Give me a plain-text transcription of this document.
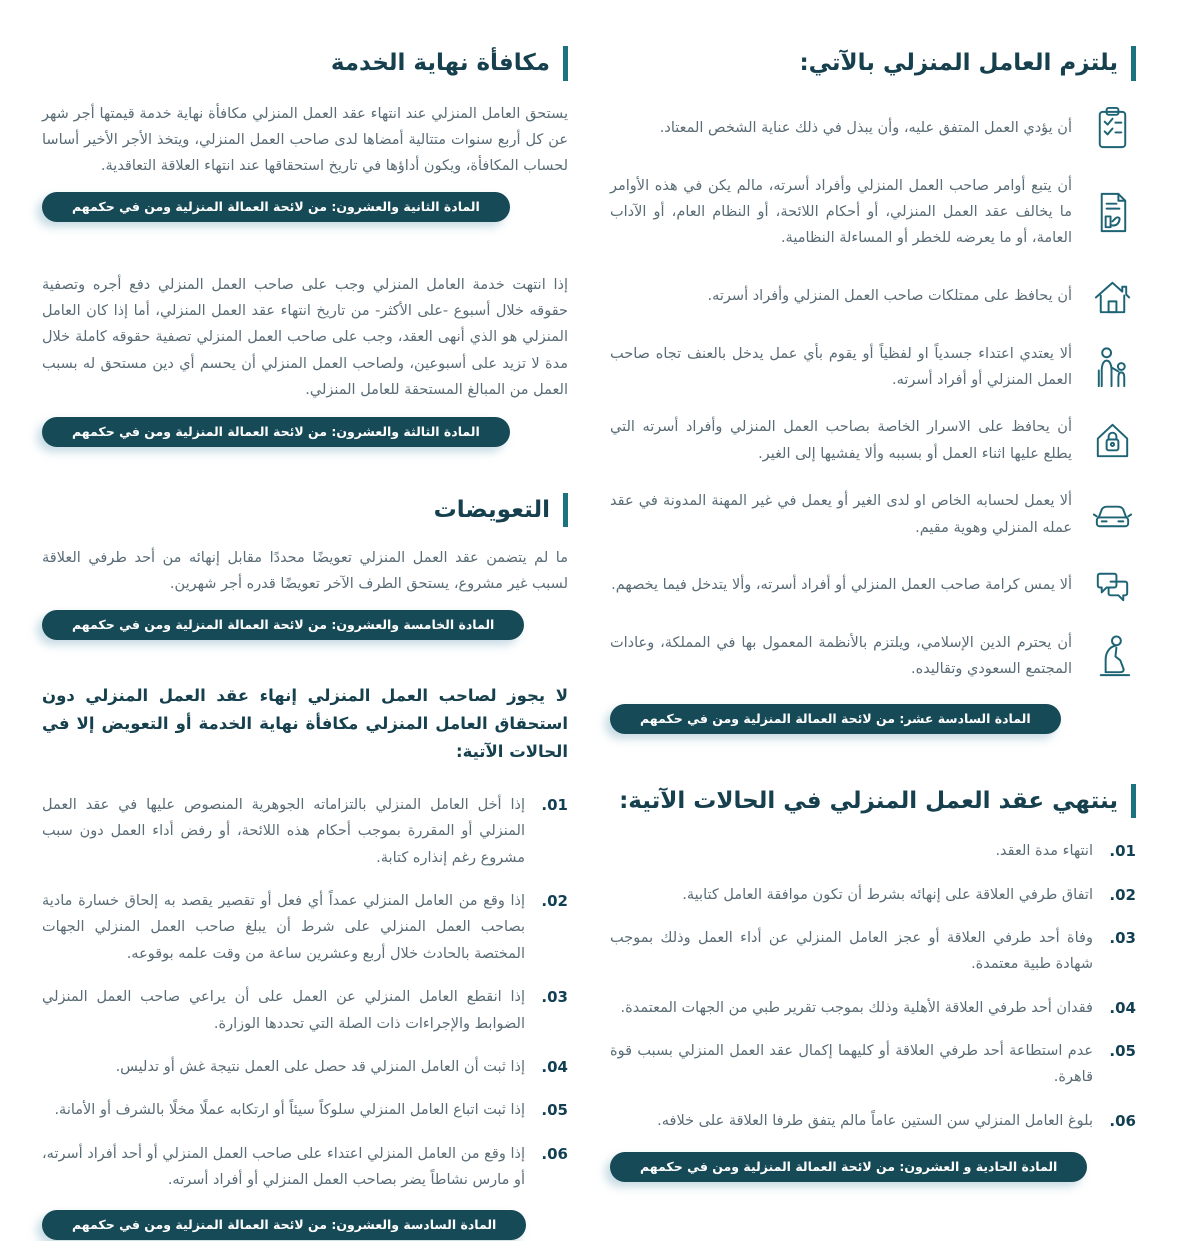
يلتزم العامل المنزلي بالآتي:

أن يؤدي العمل المتفق عليه، وأن يبذل في ذلك عناية الشخص المعتاد.

أن يتبع أوامر صاحب العمل المنزلي وأفراد أسرته، مالم يكن في هذه الأوامر ما يخالف عقد العمل المنزلي، أو أحكام اللائحة، أو النظام العام، أو الآداب العامة، أو ما يعرضه للخطر أو المساءلة النظامية.

أن يحافظ على ممتلكات صاحب العمل المنزلي وأفراد أسرته.

ألا يعتدي اعتداء جسدياً او لفظياً أو يقوم بأي عمل يدخل بالعنف تجاه صاحب العمل المنزلي أو أفراد أسرته.

أن يحافظ على الاسرار الخاصة بصاحب العمل المنزلي وأفراد أسرته التي يطلع عليها اثناء العمل أو بسببه وألا يفشيها إلى الغير.

ألا يعمل لحسابه الخاص او لدى الغير أو يعمل في غير المهنة المدونة في عقد عمله المنزلي وهوية مقيم.

ألا يمس كرامة صاحب العمل المنزلي أو أفراد أسرته، وألا يتدخل فيما يخصهم.

أن يحترم الدين الإسلامي، ويلتزم بالأنظمة المعمول بها في المملكة، وعادات المجتمع السعودي وتقاليده.

المادة السادسة عشر: من لائحة العمالة المنزلية ومن في حكمهم
ينتهي عقد العمل المنزلي في الحالات الآتية:
01.

انتهاء مدة العقد.

02.

اتفاق طرفي العلاقة على إنهائه بشرط أن تكون موافقة العامل كتابية.

03.

وفاة أحد طرفي العلاقة أو عجز العامل المنزلي عن أداء العمل وذلك بموجب شهادة طبية معتمدة.

04.

فقدان أحد طرفي العلاقة الأهلية وذلك بموجب تقرير طبي من الجهات المعتمدة.

05.

عدم استطاعة أحد طرفي العلاقة أو كليهما إكمال عقد العمل المنزلي بسبب قوة قاهرة.

06.

بلوغ العامل المنزلي سن الستين عاماً مالم يتفق طرفا العلاقة على خلافه.

المادة الحادية و العشرون: من لائحة العمالة المنزلية ومن في حكمهم
مكافأة نهاية الخدمة

يستحق العامل المنزلي عند انتهاء عقد العمل المنزلي مكافأة نهاية خدمة قيمتها أجر شهر عن كل أربع سنوات متتالية أمضاها لدى صاحب العمل المنزلي، ويتخذ الأجر الأخير أساسا لحساب المكافأة، ويكون أداؤها في تاريخ استحقاقها عند انتهاء العلاقة التعاقدية.

المادة الثانية والعشرون: من لائحة العمالة المنزلية ومن في حكمهم

إذا انتهت خدمة العامل المنزلي وجب على صاحب العمل المنزلي دفع أجره وتصفية حقوقه خلال أسبوع -على الأكثر- من تاريخ انتهاء عقد العمل المنزلي، أما إذا كان العامل المنزلي هو الذي أنهى العقد، وجب على صاحب العمل المنزلي تصفية حقوقه كاملة خلال مدة لا تزيد على أسبوعين، ولصاحب العمل المنزلي أن يحسم أي دين مستحق له بسبب العمل من المبالغ المستحقة للعامل المنزلي.

المادة الثالثة والعشرون: من لائحة العمالة المنزلية ومن في حكمهم
التعويضات

ما لم يتضمن عقد العمل المنزلي تعويضًا محددًا مقابل إنهائه من أحد طرفي العلاقة لسبب غير مشروع، يستحق الطرف الآخر تعويضًا قدره أجر شهرين.

المادة الخامسة والعشرون: من لائحة العمالة المنزلية ومن في حكمهم

لا يجوز لصاحب العمل المنزلي إنهاء عقد العمل المنزلي دون استحقاق العامل المنزلي مكافأة نهاية الخدمة أو التعويض إلا في الحالات الآتية:

01.

إذا أخل العامل المنزلي بالتزاماته الجوهرية المنصوص عليها في عقد العمل المنزلي أو المقررة بموجب أحكام هذه اللائحة، أو رفض أداء العمل دون سبب مشروع رغم إنذاره كتابة.

02.

إذا وقع من العامل المنزلي عمداً أي فعل أو تقصير يقصد به إلحاق خسارة مادية بصاحب العمل المنزلي على شرط أن يبلغ صاحب العمل المنزلي الجهات المختصة بالحادث خلال أربع وعشرين ساعة من وقت علمه بوقوعه.

03.

إذا انقطع العامل المنزلي عن العمل على أن يراعي صاحب العمل المنزلي الضوابط والإجراءات ذات الصلة التي تحددها الوزارة.

04.

إذا ثبت أن العامل المنزلي قد حصل على العمل نتيجة غش أو تدليس.

05.

إذا ثبت اتباع العامل المنزلي سلوكاً سيئاً أو ارتكابه عملًا مخلًا بالشرف أو الأمانة.

06.

إذا وقع من العامل المنزلي اعتداء على صاحب العمل المنزلي أو أحد أفراد أسرته، أو مارس نشاطاً يضر بصاحب العمل المنزلي أو أفراد أسرته.

المادة السادسة والعشرون: من لائحة العمالة المنزلية ومن في حكمهم
